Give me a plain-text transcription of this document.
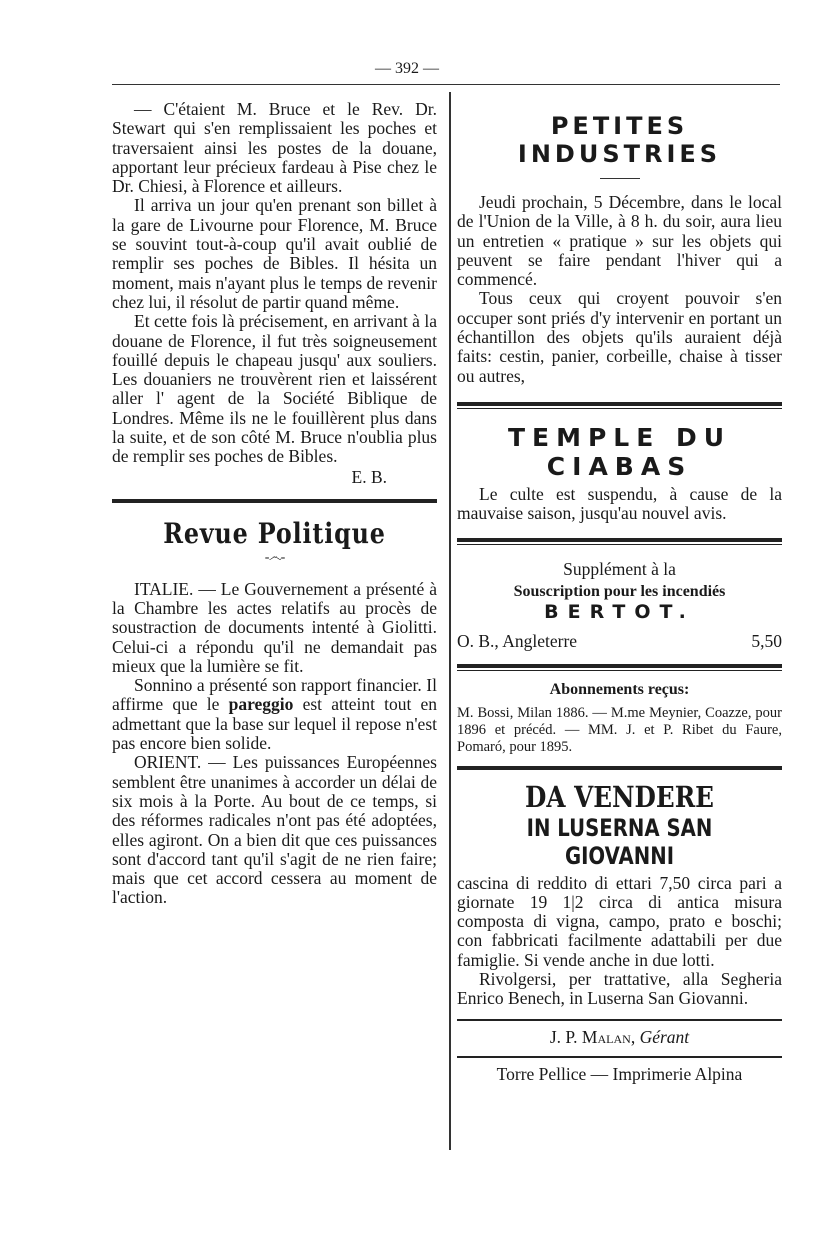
— 392 —

— C'étaient M. Bruce et le Rev. Dr. Stewart qui s'en remplissaient les poches et traversaient ainsi les postes de la douane, apportant leur précieux fardeau à Pise chez le Dr. Chiesi, à Florence et ailleurs.

Il arriva un jour qu'en prenant son billet à la gare de Livourne pour Florence, M. Bruce se souvint tout-à-coup qu'il avait oublié de remplir ses poches de Bibles. Il hésita un moment, mais n'ayant plus le temps de revenir chez lui, il résolut de partir quand même.

Et cette fois là précisement, en arrivant à la douane de Florence, il fut très soigneusement fouillé depuis le chapeau jusqu' aux souliers. Les douaniers ne trouvèrent rien et laissérent aller l' agent de la Société Biblique de Londres. Même ils ne le fouillèrent plus dans la suite, et de son côté M. Bruce n'oublia plus de remplir ses poches de Bibles.

E. B.
Revue Politique
-෴-

ITALIE. — Le Gouvernement a présenté à la Chambre les actes relatifs au procès de soustraction de documents intenté à Giolitti. Celui-ci a répondu qu'il ne demandait pas mieux que la lumière se fit.

Sonnino a présenté son rapport financier. Il affirme que le pareggio est atteint tout en admettant que la base sur lequel il repose n'est pas encore bien solide.

ORIENT. — Les puissances Européennes semblent être unanimes à accorder un délai de six mois à la Porte. Au bout de ce temps, si des réformes radicales n'ont pas été adoptées, elles agiront. On a bien dit que ces puissances sont d'accord tant qu'il s'agit de ne rien faire; mais que cet accord cessera au moment de l'action.

PETITES INDUSTRIES

Jeudi prochain, 5 Décembre, dans le local de l'Union de la Ville, à 8 h. du soir, aura lieu un entretien « pratique » sur les objets qui peuvent se faire pendant l'hiver qui a commencé.

Tous ceux qui croyent pouvoir s'en occuper sont priés d'y intervenir en portant un échantillon des objets qu'ils auraient déjà faits: cestin, panier, corbeille, chaise à tisser ou autres,

TEMPLE DU CIABAS

Le culte est suspendu, à cause de la mauvaise saison, jusqu'au nouvel avis.

Supplément à la
Souscription pour les incendiés
BERTOT.
O. B., Angleterre	5,50
Abonnements reçus:

M. Bossi, Milan 1886. — M.me Meynier, Coazze, pour 1896 et précéd. — MM. J. et P. Ribet du Faure, Pomaró, pour 1895.

DA VENDERE
IN LUSERNA SAN GIOVANNI

cascina di reddito di ettari 7,50 circa pari a giornate 19 1|2 circa di antica misura composta di vigna, campo, prato e boschi; con fabbricati facilmente adattabili per due famiglie. Si vende anche in due lotti.

Rivolgersi, per trattative, alla Segheria Enrico Benech, in Luserna San Giovanni.

J. P. Malan, Gérant
Torre Pellice — Imprimerie Alpina
